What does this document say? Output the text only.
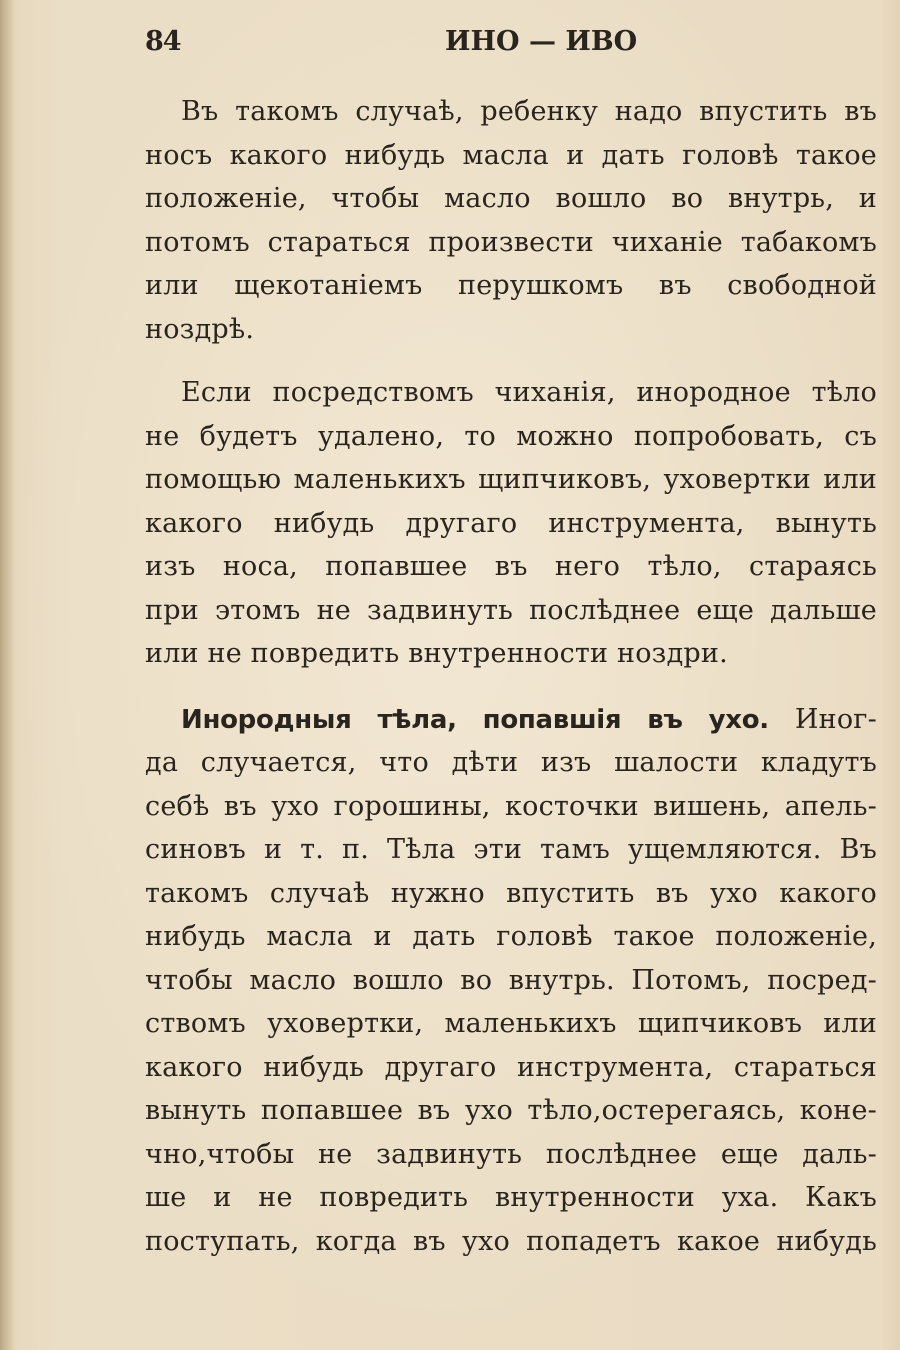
84	ИНО — ИВО
Въ такомъ случаѣ, ребенку надо впустить въ
носъ какого нибудь масла и дать головѣ такое
положеніе, чтобы масло вошло во внутрь, и
потомъ стараться произвести чиханіе табакомъ
или щекотаніемъ перушкомъ въ свободной
ноздрѣ.
Если посредствомъ чиханія, инородное тѣло
не будетъ удалено, то можно попробовать, съ
помощью маленькихъ щипчиковъ, уховертки или
какого нибудь другаго инструмента, вынуть
изъ носа, попавшее въ него тѣло, стараясь
при этомъ не задвинуть послѣднее еще дальше
или не повредить внутренности ноздри.
Инородныя тѣла, попавшія въ ухо. Иног-
да случается, что дѣти изъ шалости кладутъ
себѣ въ ухо горошины, косточки вишень, апель-
синовъ и т. п. Тѣла эти тамъ ущемляются. Въ
такомъ случаѣ нужно впустить въ ухо какого
нибудь масла и дать головѣ такое положеніе,
чтобы масло вошло во внутрь. Потомъ, посред-
ствомъ уховертки, маленькихъ щипчиковъ или
какого нибудь другаго инструмента, стараться
вынуть попавшее въ ухо тѣло,остерегаясь, коне-
чно,чтобы не задвинуть послѣднее еще даль-
ше и не повредить внутренности уха. Какъ
поступать, когда въ ухо попадетъ какое нибудь
